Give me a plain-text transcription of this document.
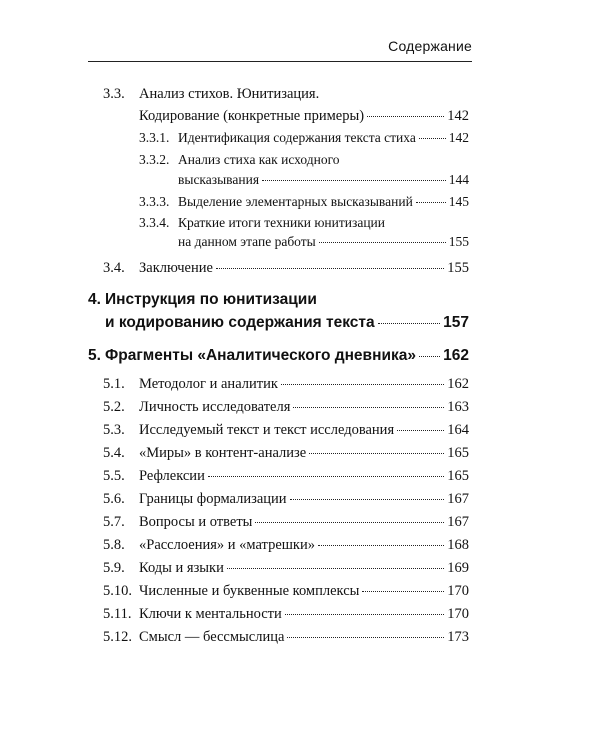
Содержание
3.3. Анализ стихов. Юнитизация.
Кодирование (конкретные примеры)	142
3.3.1. Идентификация содержания текста стиха 142
3.3.2. Анализ стиха как исходного
высказывания	144
3.3.3. Выделение элементарных высказываний	145
3.3.4. Краткие итоги техники юнитизации
на данном этапе работы	155
3.4. Заключение	155
4. Инструкция по юнитизации
и кодированию содержания текста	157
5. Фрагменты «Аналитического дневника» 162
5.1. Методолог и аналитик	162
5.2. Личность исследователя	163
5.3. Исследуемый текст и текст исследования	164
5.4. «Миры» в контент-анализе	165
5.5. Рефлексии	165
5.6. Границы формализации	167
5.7. Вопросы и ответы	167
5.8. «Расслоения» и «матрешки»	168
5.9. Коды и языки	169
5.10. Численные и буквенные комплексы	170
5.11. Ключи к ментальности	170
5.12. Смысл — бессмыслица	173
